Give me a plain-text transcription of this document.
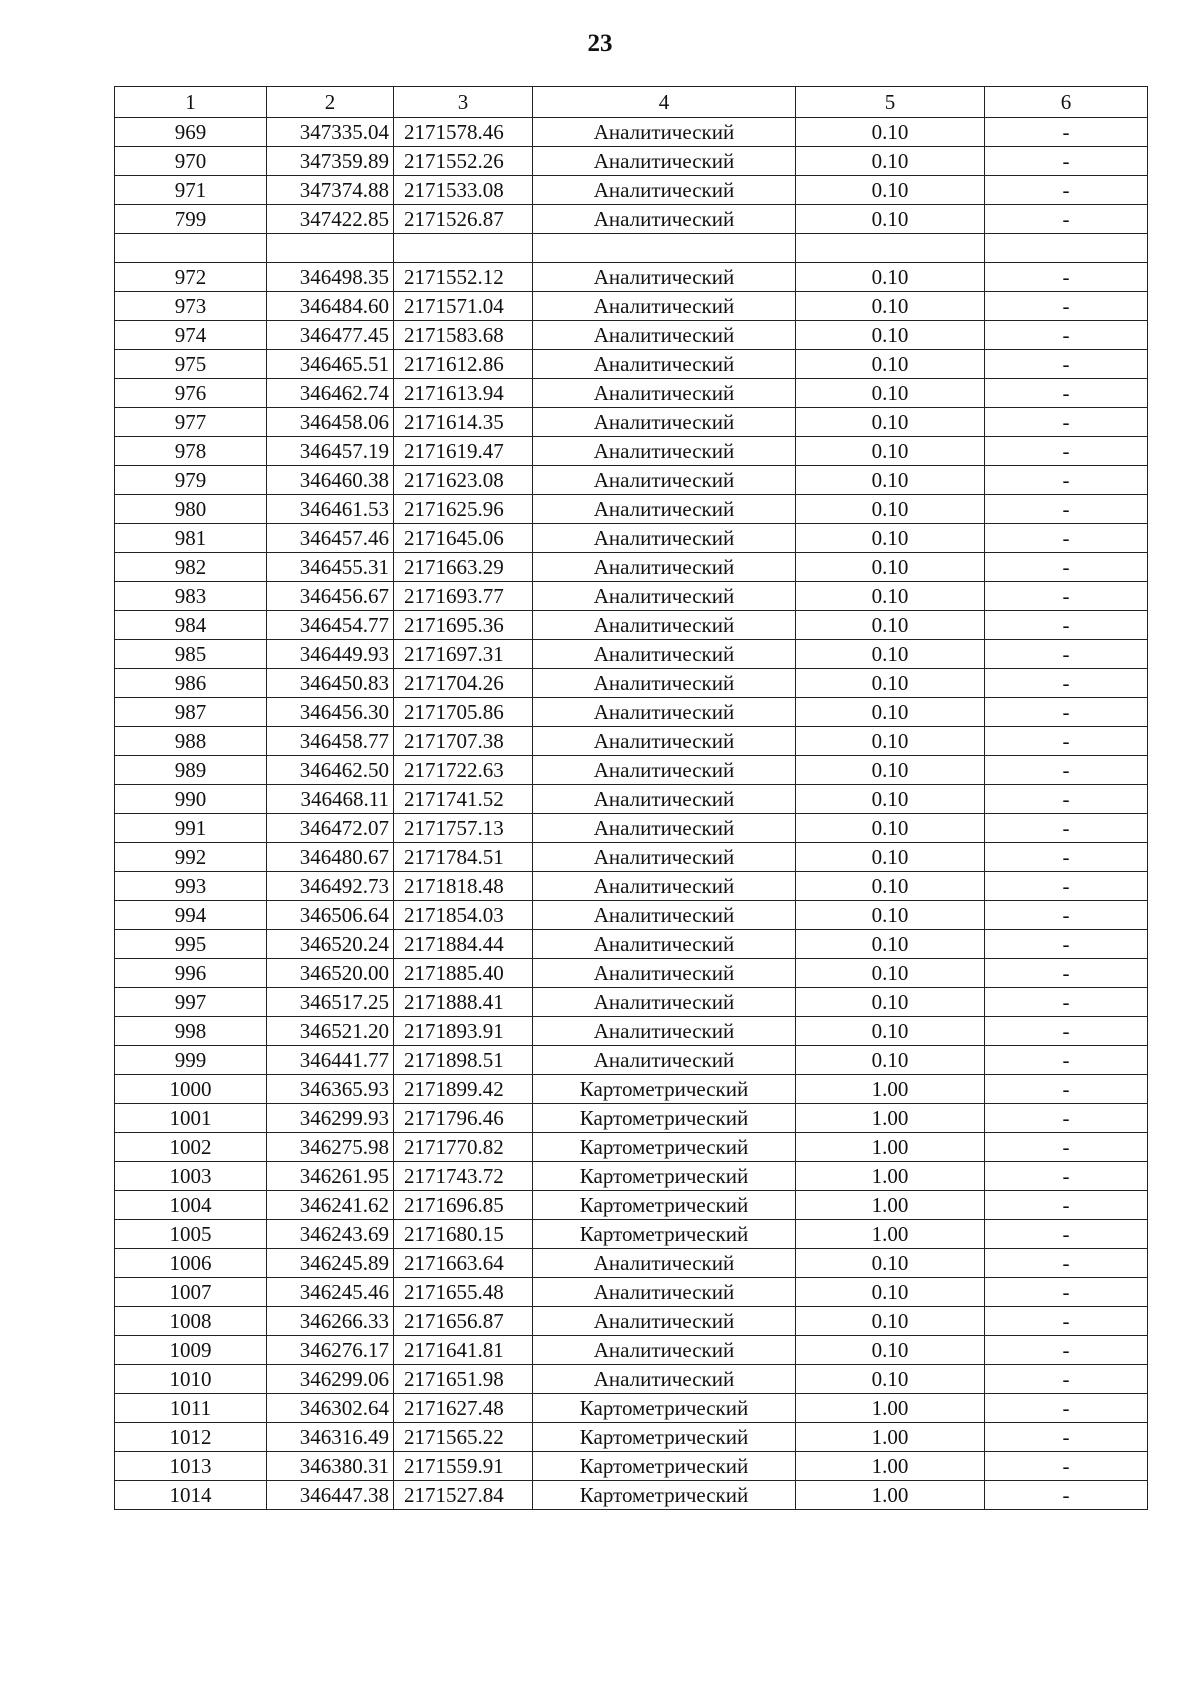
23
1	2	3	4	5	6
969	347335.04	2171578.46	Аналитический	0.10	-
970	347359.89	2171552.26	Аналитический	0.10	-
971	347374.88	2171533.08	Аналитический	0.10	-
799	347422.85	2171526.87	Аналитический	0.10	-

972	346498.35	2171552.12	Аналитический	0.10	-
973	346484.60	2171571.04	Аналитический	0.10	-
974	346477.45	2171583.68	Аналитический	0.10	-
975	346465.51	2171612.86	Аналитический	0.10	-
976	346462.74	2171613.94	Аналитический	0.10	-
977	346458.06	2171614.35	Аналитический	0.10	-
978	346457.19	2171619.47	Аналитический	0.10	-
979	346460.38	2171623.08	Аналитический	0.10	-
980	346461.53	2171625.96	Аналитический	0.10	-
981	346457.46	2171645.06	Аналитический	0.10	-
982	346455.31	2171663.29	Аналитический	0.10	-
983	346456.67	2171693.77	Аналитический	0.10	-
984	346454.77	2171695.36	Аналитический	0.10	-
985	346449.93	2171697.31	Аналитический	0.10	-
986	346450.83	2171704.26	Аналитический	0.10	-
987	346456.30	2171705.86	Аналитический	0.10	-
988	346458.77	2171707.38	Аналитический	0.10	-
989	346462.50	2171722.63	Аналитический	0.10	-
990	346468.11	2171741.52	Аналитический	0.10	-
991	346472.07	2171757.13	Аналитический	0.10	-
992	346480.67	2171784.51	Аналитический	0.10	-
993	346492.73	2171818.48	Аналитический	0.10	-
994	346506.64	2171854.03	Аналитический	0.10	-
995	346520.24	2171884.44	Аналитический	0.10	-
996	346520.00	2171885.40	Аналитический	0.10	-
997	346517.25	2171888.41	Аналитический	0.10	-
998	346521.20	2171893.91	Аналитический	0.10	-
999	346441.77	2171898.51	Аналитический	0.10	-
1000	346365.93	2171899.42	Картометрический	1.00	-
1001	346299.93	2171796.46	Картометрический	1.00	-
1002	346275.98	2171770.82	Картометрический	1.00	-
1003	346261.95	2171743.72	Картометрический	1.00	-
1004	346241.62	2171696.85	Картометрический	1.00	-
1005	346243.69	2171680.15	Картометрический	1.00	-
1006	346245.89	2171663.64	Аналитический	0.10	-
1007	346245.46	2171655.48	Аналитический	0.10	-
1008	346266.33	2171656.87	Аналитический	0.10	-
1009	346276.17	2171641.81	Аналитический	0.10	-
1010	346299.06	2171651.98	Аналитический	0.10	-
1011	346302.64	2171627.48	Картометрический	1.00	-
1012	346316.49	2171565.22	Картометрический	1.00	-
1013	346380.31	2171559.91	Картометрический	1.00	-
1014	346447.38	2171527.84	Картометрический	1.00	-
